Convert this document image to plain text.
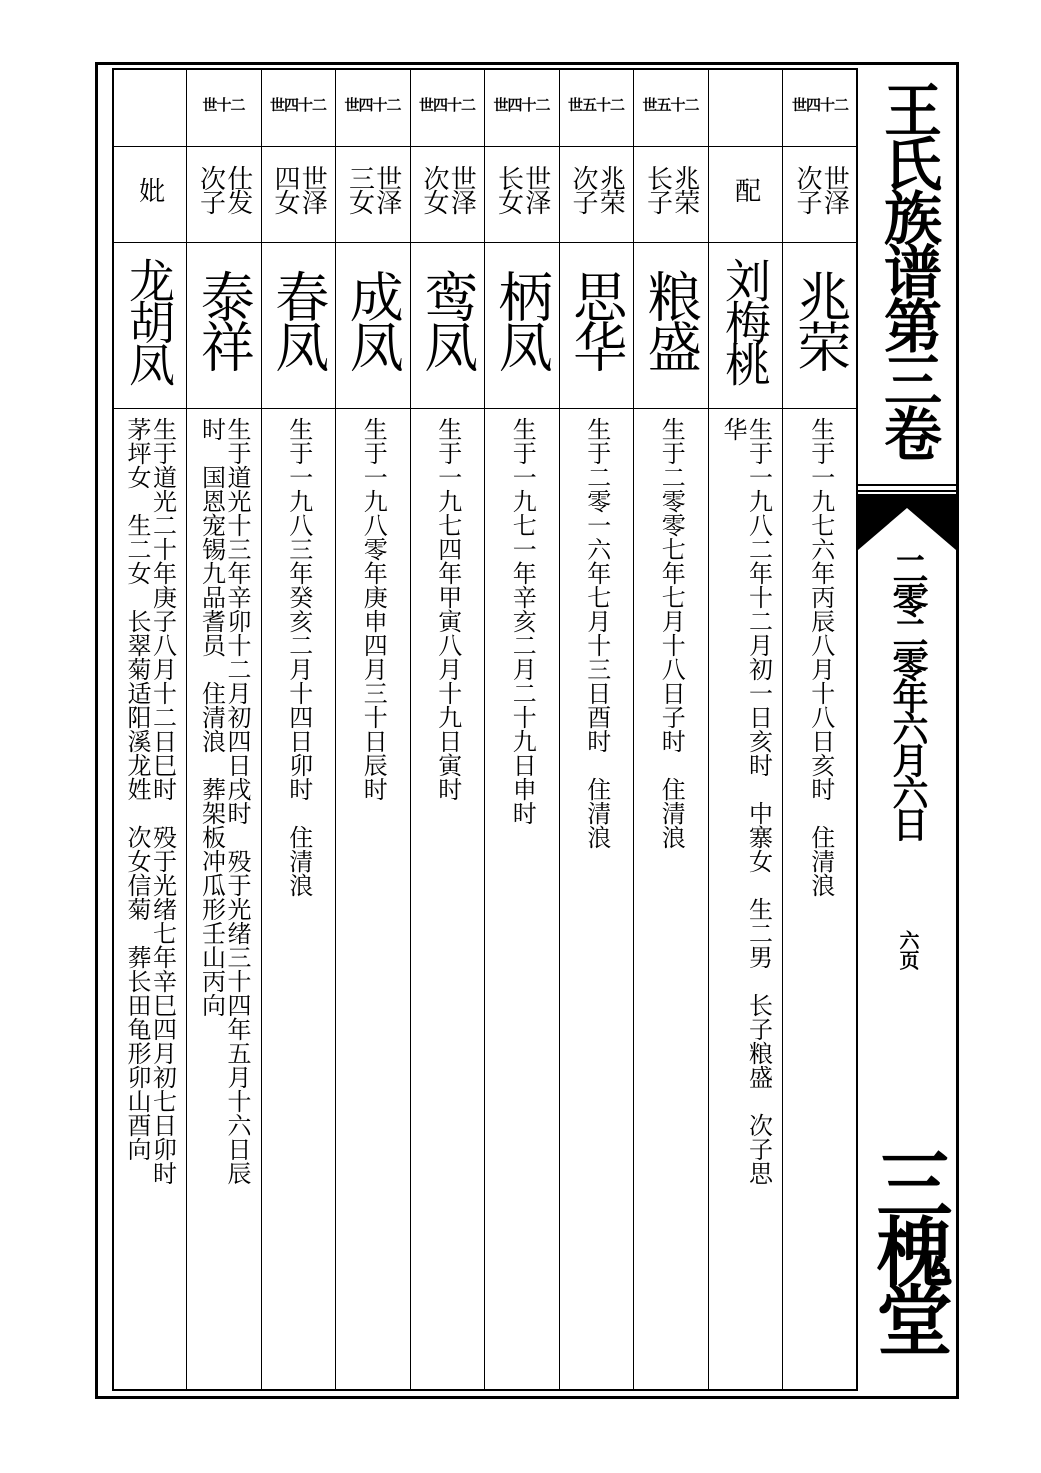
王氏族谱第三卷
二零二零年六月六日
六页
三槐堂
世四十二
世泽
次子
兆荣
生于一九七六年丙辰八月十八日亥时　住清浪
配
刘梅桃
生于一九八二年十二月初一日亥时　中寨女　生二男　长子粮盛　次子思
华
世五十二
兆荣
长子
粮盛
生于二零零七年七月十八日子时　住清浪
世五十二
兆荣
次子
思华
生于二零一六年七月十三日酉时　住清浪
世四十二
世泽
长女
柄凤
生于一九七一年辛亥二月二十九日申时
世四十二
世泽
次女
鸾凤
生于一九七四年甲寅八月十九日寅时
世四十二
世泽
三女
成凤
生于一九八零年庚申四月三十日辰时
世四十二
世泽
四女
春凤
生于一九八三年癸亥二月十四日卯时　住清浪
世十二
仕发
次子
泰祥
生于道光十三年辛卯十二月初四日戌时　殁于光绪三十四年五月十六日辰
时　国恩宠锡九品耆员　住清浪　葬架板冲瓜形壬山丙向
妣
龙胡凤
生于道光二十年庚子八月十二日巳时　殁于光绪七年辛巳四月初七日卯时
茅坪女　生二女　长翠菊适阳溪龙姓　次女信菊　葬长田龟形卯山酉向
